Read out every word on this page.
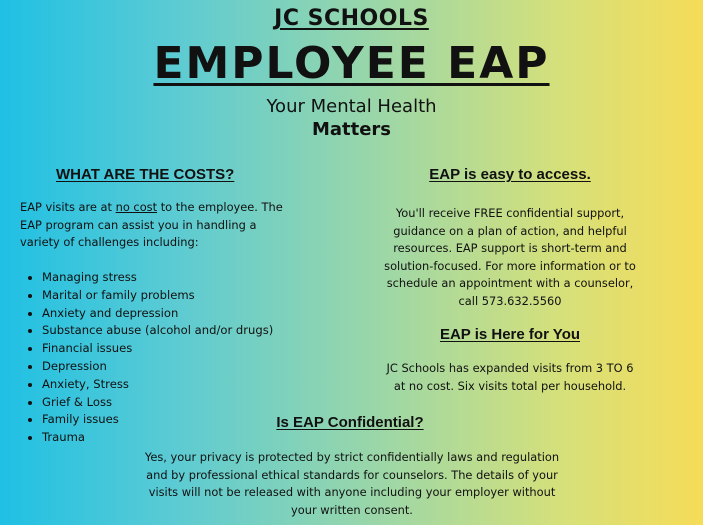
JC SCHOOLS
EMPLOYEE EAP
Your Mental Health
Matters
WHAT ARE THE COSTS?
EAP visits are at no cost to the employee. The EAP program can assist you in handling a variety of challenges including:
• Managing stress
• Marital or family problems
• Anxiety and depression
• Substance abuse (alcohol and/or drugs)
• Financial issues
• Depression
• Anxiety, Stress
• Grief & Loss
• Family issues
• Trauma
EAP is easy to access.
You'll receive FREE confidential support, guidance on a plan of action, and helpful resources. EAP support is short-term and solution-focused. For more information or to schedule an appointment with a counselor, call 573.632.5560
EAP is Here for You
JC Schools has expanded visits from 3 TO 6 at no cost. Six visits total per household.
Is EAP Confidential?
Yes, your privacy is protected by strict confidentially laws and regulation and by professional ethical standards for counselors. The details of your visits will not be released with anyone including your employer without your written consent.
